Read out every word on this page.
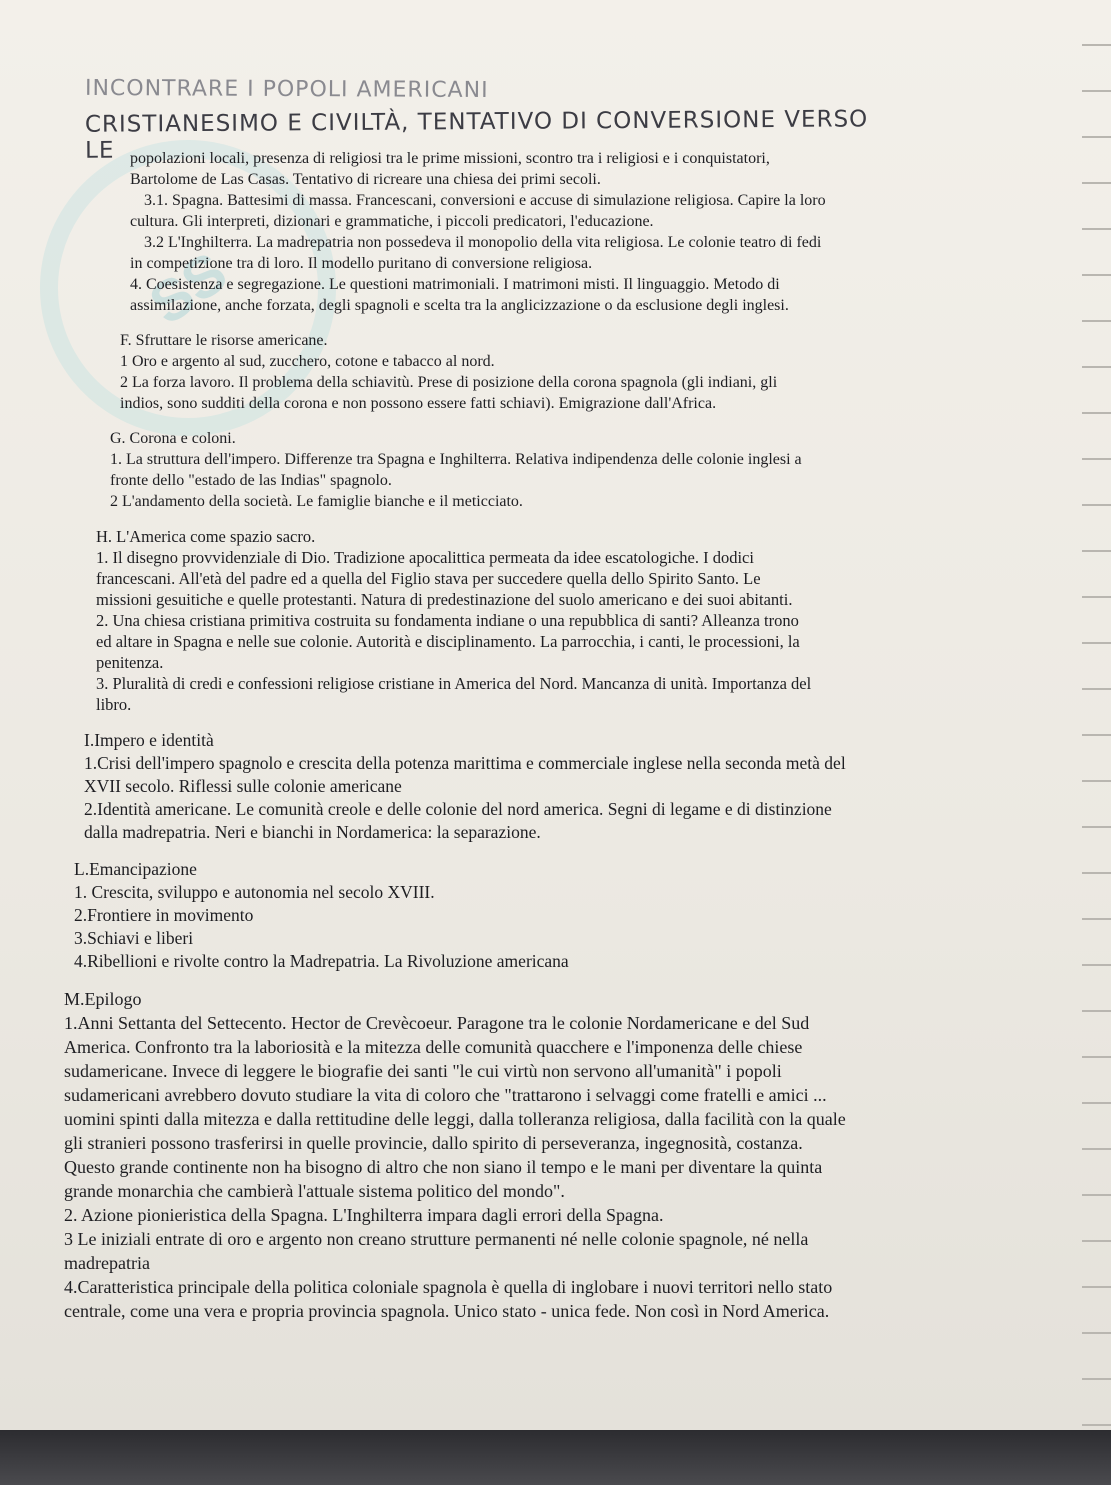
SS
INCONTRARE I POPOLI AMERICANI
CRISTIANESIMO E CIVILTÀ, TENTATIVO DI CONVERSIONE VERSO LE popolazioni locali, presenza di religiosi tra le prime missioni, scontro tra i religiosi e i conquistatori,
Bartolome de Las Casas. Tentativo di ricreare una chiesa dei primi secoli.
3.1. Spagna. Battesimi di massa. Francescani, conversioni e accuse di simulazione religiosa. Capire la loro
cultura. Gli interpreti, dizionari e grammatiche, i piccoli predicatori, l'educazione.
3.2 L'Inghilterra. La madrepatria non possedeva il monopolio della vita religiosa. Le colonie teatro di fedi
in competizione tra di loro. Il modello puritano di conversione religiosa.
4. Coesistenza e segregazione. Le questioni matrimoniali. I matrimoni misti. Il linguaggio. Metodo di
assimilazione, anche forzata, degli spagnoli e scelta tra la anglicizzazione o da esclusione degli inglesi.
F. Sfruttare le risorse americane.
1 Oro e argento al sud, zucchero, cotone e tabacco al nord.
2 La forza lavoro. Il problema della schiavitù. Prese di posizione della corona spagnola (gli indiani, gli
indios, sono sudditi della corona e non possono essere fatti schiavi). Emigrazione dall'Africa.
G. Corona e coloni.
1. La struttura dell'impero. Differenze tra Spagna e Inghilterra. Relativa indipendenza delle colonie inglesi a
fronte dello "estado de las Indias" spagnolo.
2 L'andamento della società. Le famiglie bianche e il meticciato.
H. L'America come spazio sacro.
1. Il disegno provvidenziale di Dio. Tradizione apocalittica permeata da idee escatologiche. I dodici
francescani. All'età del padre ed a quella del Figlio stava per succedere quella dello Spirito Santo. Le
missioni gesuitiche e quelle protestanti. Natura di predestinazione del suolo americano e dei suoi abitanti.
2. Una chiesa cristiana primitiva costruita su fondamenta indiane o una repubblica di santi? Alleanza trono
ed altare in Spagna e nelle sue colonie. Autorità e disciplinamento. La parrocchia, i canti, le processioni, la
penitenza.
3. Pluralità di credi e confessioni religiose cristiane in America del Nord. Mancanza di unità. Importanza del
libro.
I.Impero e identità
1.Crisi dell'impero spagnolo e crescita della potenza marittima e commerciale inglese nella seconda metà del
XVII secolo. Riflessi sulle colonie americane
2.Identità americane. Le comunità creole e delle colonie del nord america. Segni di legame e di distinzione
dalla madrepatria. Neri e bianchi in Nordamerica: la separazione.
L.Emancipazione
1. Crescita, sviluppo e autonomia nel secolo XVIII.
2.Frontiere in movimento
3.Schiavi e liberi
4.Ribellioni e rivolte contro la Madrepatria. La Rivoluzione americana
M.Epilogo
1.Anni Settanta del Settecento. Hector de Crevècoeur. Paragone tra le colonie Nordamericane e del Sud
America. Confronto tra la laboriosità e la mitezza delle comunità quacchere e l'imponenza delle chiese
sudamericane. Invece di leggere le biografie dei santi "le cui virtù non servono all'umanità" i popoli
sudamericani avrebbero dovuto studiare la vita di coloro che "trattarono i selvaggi come fratelli e amici ...
uomini spinti dalla mitezza e dalla rettitudine delle leggi, dalla tolleranza religiosa, dalla facilità con la quale
gli stranieri possono trasferirsi in quelle provincie, dallo spirito di perseveranza, ingegnosità, costanza.
Questo grande continente non ha bisogno di altro che non siano il tempo e le mani per diventare la quinta
grande monarchia che cambierà l'attuale sistema politico del mondo".
2. Azione pionieristica della Spagna. L'Inghilterra impara dagli errori della Spagna.
3 Le iniziali entrate di oro e argento non creano strutture permanenti né nelle colonie spagnole, né nella
madrepatria
4.Caratteristica principale della politica coloniale spagnola è quella di inglobare i nuovi territori nello stato
centrale, come una vera e propria provincia spagnola. Unico stato - unica fede. Non così in Nord America.
